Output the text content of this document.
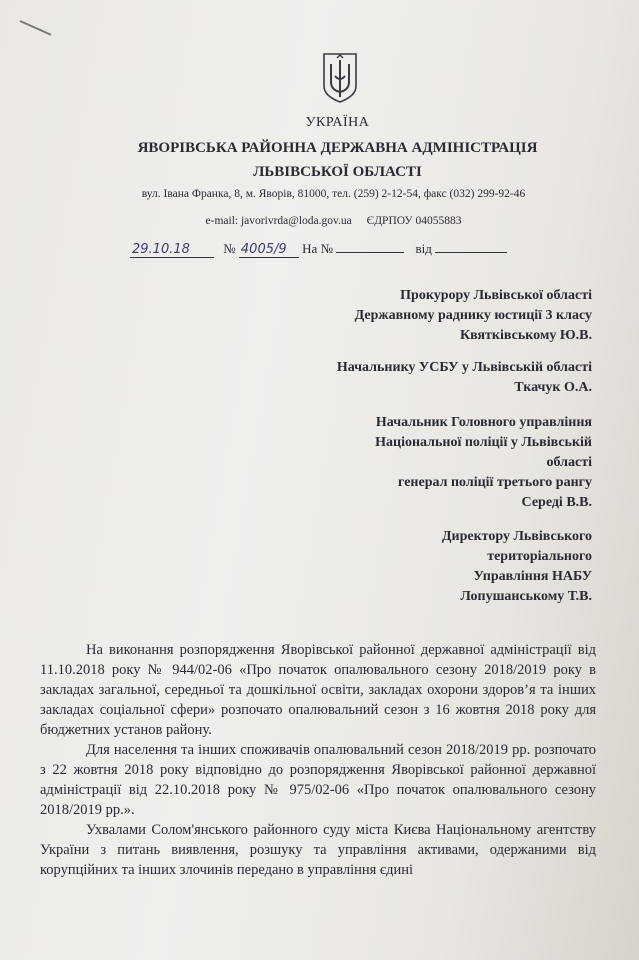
УКРАЇНА
ЯВОРІВСЬКА РАЙОННА ДЕРЖАВНА АДМІНІСТРАЦІЯ
ЛЬВІВСЬКОЇ ОБЛАСТІ
вул. Івана Франка, 8, м. Яворів, 81000, тел. (259) 2-12-54, факс (032) 299-92-46
e-mail: javorivrda@loda.gov.ua ЄДРПОУ 04055883
29.10.18	№ 4005/9 На №	від
Прокурору Львівської області
Державному раднику юстиції 3 класу
Квятківському Ю.В.
Начальнику УСБУ у Львівській області
Ткачук О.А.
Начальник Головного управління
Національної поліції у Львівській
області
генерал поліції третього рангу
Середі В.В.
Директору Львівського
територіального
Управління НАБУ
Лопушанському Т.В.

На виконання розпорядження Яворівської районної державної адміністрації від 11.10.2018 року № 944/02-06 «Про початок опалювального сезону 2018/2019 року в закладах загальної, середньої та дошкільної освіти, закладах охорони здоров’я та інших закладах соціальної сфери» розпочато опалювальний сезон з 16 жовтня 2018 року для бюджетних установ району.

Для населення та інших споживачів опалювальний сезон 2018/2019 рр. розпочато з 22 жовтня 2018 року відповідно до розпорядження Яворівської районної державної адміністрації від 22.10.2018 року № 975/02-06 «Про початок опалювального сезону 2018/2019 рр.».

Ухвалами Солом'янського районного суду міста Києва Національному агентству України з питань виявлення, розшуку та управління активами, одержаними від корупційних та інших злочинів передано в управління єдині
